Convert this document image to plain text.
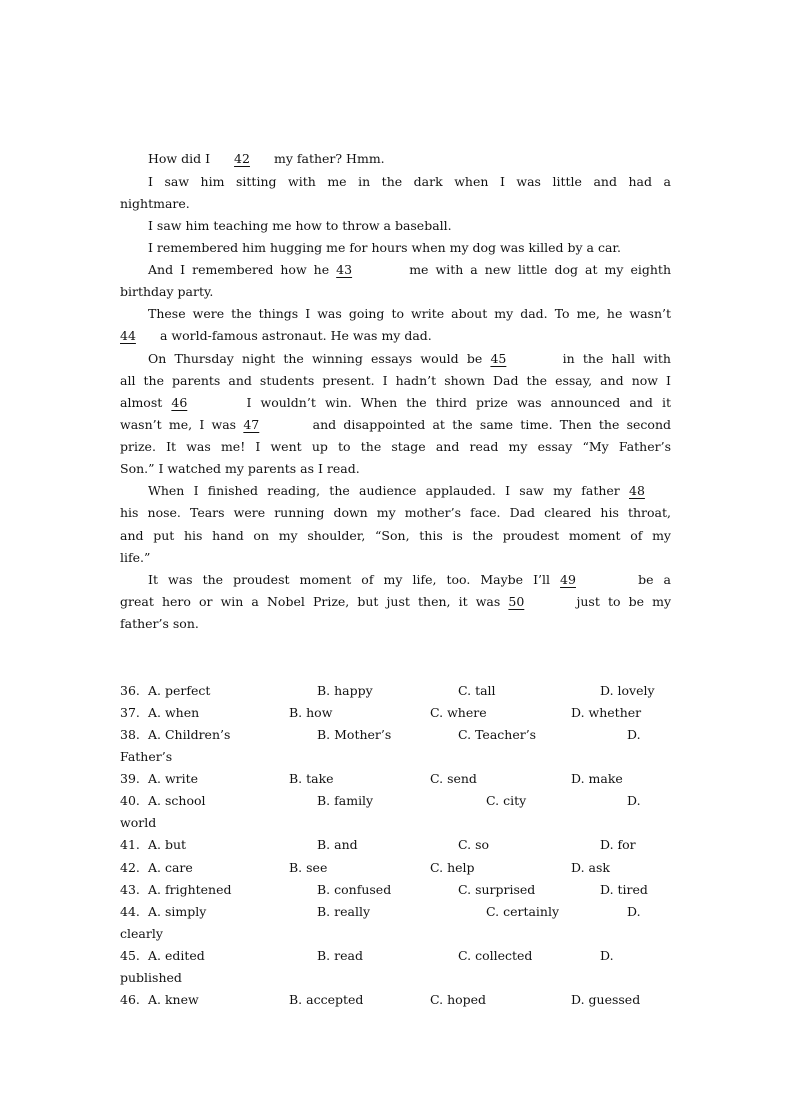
How did I 42 my father? Hmm.
I saw him sitting with me in the dark when I was little and had a
nightmare.
I saw him teaching me how to throw a baseball.
I remembered him hugging me for hours when my dog was killed by a car.
And I remembered how he 43	me with a new little dog at my eighth
birthday party.
These were the things I was going to write about my dad. To me, he wasn’t
44 a world-famous astronaut. He was my dad.
On Thursday night the winning essays would be 45	in the hall with
all the parents and students present. I hadn’t shown Dad the essay, and now I
almost 46	I wouldn’t win. When the third prize was announced and it
wasn’t me, I was 47	and disappointed at the same time. Then the second
prize. It was me! I went up to the stage and read my essay “My Father’s
Son.” I watched my parents as I read.
When I finished reading, the audience applauded. I saw my father 48
his nose. Tears were running down my mother’s face. Dad cleared his throat,
and put his hand on my shoulder, “Son, this is the proudest moment of my
life.”
It was the proudest moment of my life, too. Maybe I’ll 49	be a
great hero or win a Nobel Prize, but just then, it was 50	just to be my
father’s son.
36. A. perfect	B. happy	C. tall	D. lovely
37. A. when	B. how	C. where	D. whether
38. A. Children’s	B. Mother’s	C. Teacher’s	D.
Father’s
39. A. write	B. take	C. send	D. make
40. A. school	B. family	C. city	D.
world
41. A. but	B. and	C. so	D. for
42. A. care	B. see	C. help	D. ask
43. A. frightened	B. confused	C. surprised	D. tired
44. A. simply	B. really	C. certainly	D.
clearly
45. A. edited	B. read	C. collected	D.
published
46. A. knew	B. accepted	C. hoped	D. guessed
